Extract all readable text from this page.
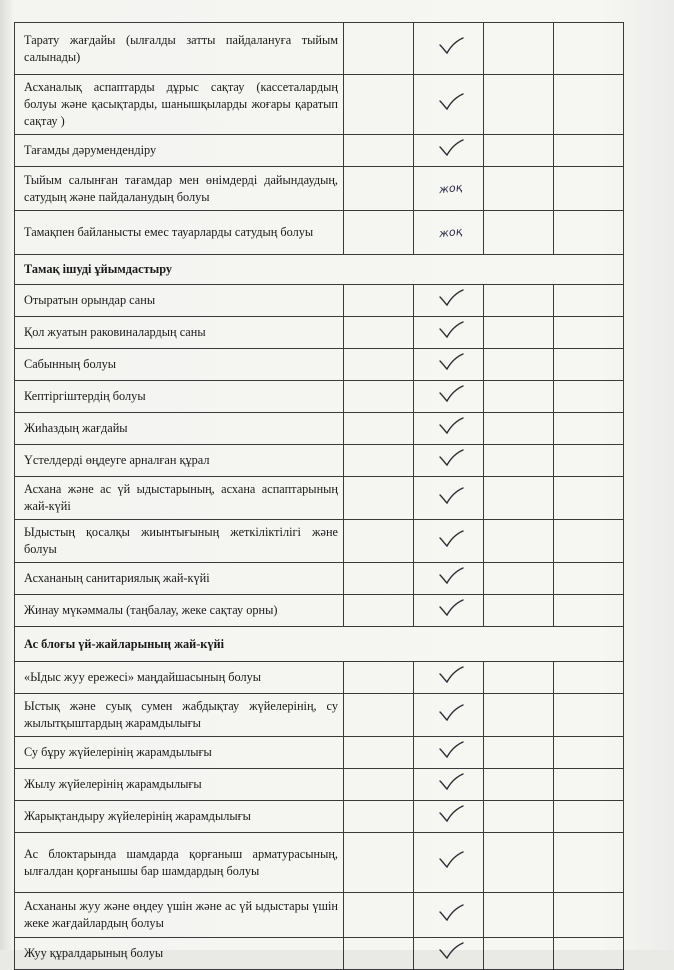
Тарату жағдайы (ылғалды затты пайдалануға тыйым салынады)				
Асханалық аспаптарды дұрыс сақтау (кассеталардың болуы және қасықтарды, шанышқыларды жоғары қаратып сақтау )				
Тағамды дәрумендендіру				
Тыйым салынған тағамдар мен өнімдерді дайындаудың, сатудың және пайдаланудың болуы		жоқ		
Тамақпен байланысты емес тауарларды сатудың болуы		жоқ		
Тамақ ішуді ұйымдастыру				
Отыратын орындар саны				
Қол жуатын раковиналардың саны				
Сабынның болуы				
Кептіргіштердің болуы				
Жиһаздың жағдайы				
Үстелдерді өңдеуге арналған құрал				
Асхана және ас үй ыдыстарының, асхана аспаптарының жай-күйі				
Ыдыстың қосалқы жиынтығының жеткіліктілігі және болуы				
Асхананың санитариялық жай-күйі				
Жинау мүкәммалы (таңбалау, жеке сақтау орны)				
Ас блоғы үй-жайларының жай-күйі				
«Ыдыс жуу ережесі» маңдайшасының болуы				
Ыстық және суық сумен жабдықтау жүйелерінің, су жылытқыштардың жарамдылығы				
Су бұру жүйелерінің жарамдылығы				
Жылу жүйелерінің жарамдылығы				
Жарықтандыру жүйелерінің жарамдылығы				
Ас блоктарында шамдарда қорғаныш арматурасының, ылғалдан қорғанышы бар шамдардың болуы				
Асхананы жуу және өңдеу үшін және ас үй ыдыстары үшін жеке жағдайлардың болуы				
Жуу құралдарының болуы				
